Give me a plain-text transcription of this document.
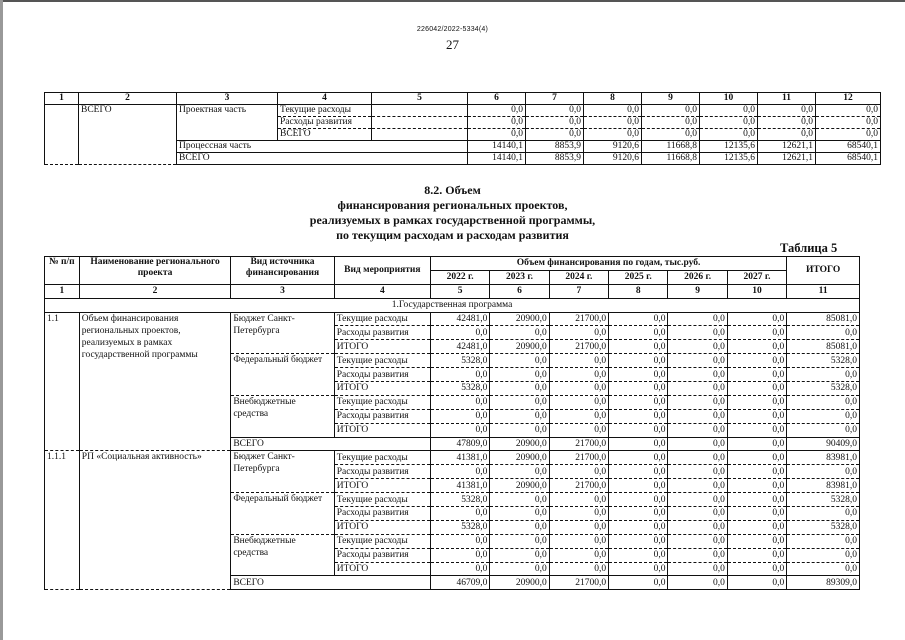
226042/2022-5334(4)
27
1	2	3	4	5	6	7	8	9	10	11	12
	ВСЕГО	Проектная часть	Текущие расходы		0,0	0,0	0,0	0,0	0,0	0,0	0,0
			Расходы развития		0,0	0,0	0,0	0,0	0,0	0,0	0,0
			ВСЕГО		0,0	0,0	0,0	0,0	0,0	0,0	0,0
		Процессная часть			14140,1	8853,9	9120,6	11668,8	12135,6	12621,1	68540,1
		ВСЕГО			14140,1	8853,9	9120,6	11668,8	12135,6	12621,1	68540,1
8.2. Объем
финансирования региональных проектов,
реализуемых в рамках государственной программы,
по текущим расходам и расходам развития
Таблица 5
№ п/п	Наименование регионального проекта	Вид источника финансирования	Вид мероприятия	Объем финансирования по годам, тыс.руб.						ИТОГО
				2022 г.	2023 г.	2024 г.	2025 г.	2026 г.	2027 г.	
1	2	3	4	5	6	7	8	9	10	11
1.Государственная программа										
1.1	Объем финансирования региональных проектов, реализуемых в рамках государственной программы	Бюджет Санкт-Петербурга	Текущие расходы	42481,0	20900,0	21700,0	0,0	0,0	0,0	85081,0
			Расходы развития	0,0	0,0	0,0	0,0	0,0	0,0	0,0
			ИТОГО	42481,0	20900,0	21700,0	0,0	0,0	0,0	85081,0
		Федеральный бюджет	Текущие расходы	5328,0	0,0	0,0	0,0	0,0	0,0	5328,0
			Расходы развития	0,0	0,0	0,0	0,0	0,0	0,0	0,0
			ИТОГО	5328,0	0,0	0,0	0,0	0,0	0,0	5328,0
		Внебюджетные средства	Текущие расходы	0,0	0,0	0,0	0,0	0,0	0,0	0,0
			Расходы развития	0,0	0,0	0,0	0,0	0,0	0,0	0,0
			ИТОГО	0,0	0,0	0,0	0,0	0,0	0,0	0,0
		ВСЕГО		47809,0	20900,0	21700,0	0,0	0,0	0,0	90409,0
1.1.1	РП «Социальная активность»	Бюджет Санкт-Петербурга	Текущие расходы	41381,0	20900,0	21700,0	0,0	0,0	0,0	83981,0
			Расходы развития	0,0	0,0	0,0	0,0	0,0	0,0	0,0
			ИТОГО	41381,0	20900,0	21700,0	0,0	0,0	0,0	83981,0
		Федеральный бюджет	Текущие расходы	5328,0	0,0	0,0	0,0	0,0	0,0	5328,0
			Расходы развития	0,0	0,0	0,0	0,0	0,0	0,0	0,0
			ИТОГО	5328,0	0,0	0,0	0,0	0,0	0,0	5328,0
		Внебюджетные средства	Текущие расходы	0,0	0,0	0,0	0,0	0,0	0,0	0,0
			Расходы развития	0,0	0,0	0,0	0,0	0,0	0,0	0,0
			ИТОГО	0,0	0,0	0,0	0,0	0,0	0,0	0,0
		ВСЕГО		46709,0	20900,0	21700,0	0,0	0,0	0,0	89309,0
